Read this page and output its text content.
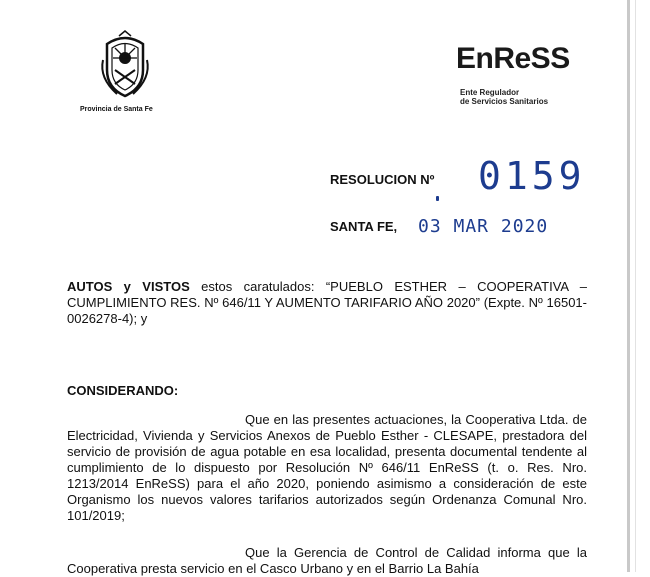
Provincia de Santa Fe
EnReSS
Ente Regulador
de Servicios Sanitarios
RESOLUCION Nº 0159
SANTA FE, 03 MAR 2020
AUTOS y VISTOS estos caratulados: “PUEBLO ESTHER – COOPERATIVA – CUMPLIMIENTO RES. Nº 646/11 Y AUMENTO TARIFARIO AÑO 2020” (Expte. Nº 16501-0026278-4); y
CONSIDERANDO:
Que en las presentes actuaciones, la Cooperativa Ltda. de Electricidad, Vivienda y Servicios Anexos de Pueblo Esther - CLESAPE, prestadora del servicio de provisión de agua potable en esa localidad, presenta documental tendente al cumplimiento de lo dispuesto por Resolución Nº 646/11 EnReSS (t. o. Res. Nro. 1213/2014 EnReSS) para el año 2020, poniendo asimismo a consideración de este Organismo los nuevos valores tarifarios autorizados según Ordenanza Comunal Nro. 101/2019;
Que la Gerencia de Control de Calidad informa que la Cooperativa presta servicio en el Casco Urbano y en el Barrio La Bahía
